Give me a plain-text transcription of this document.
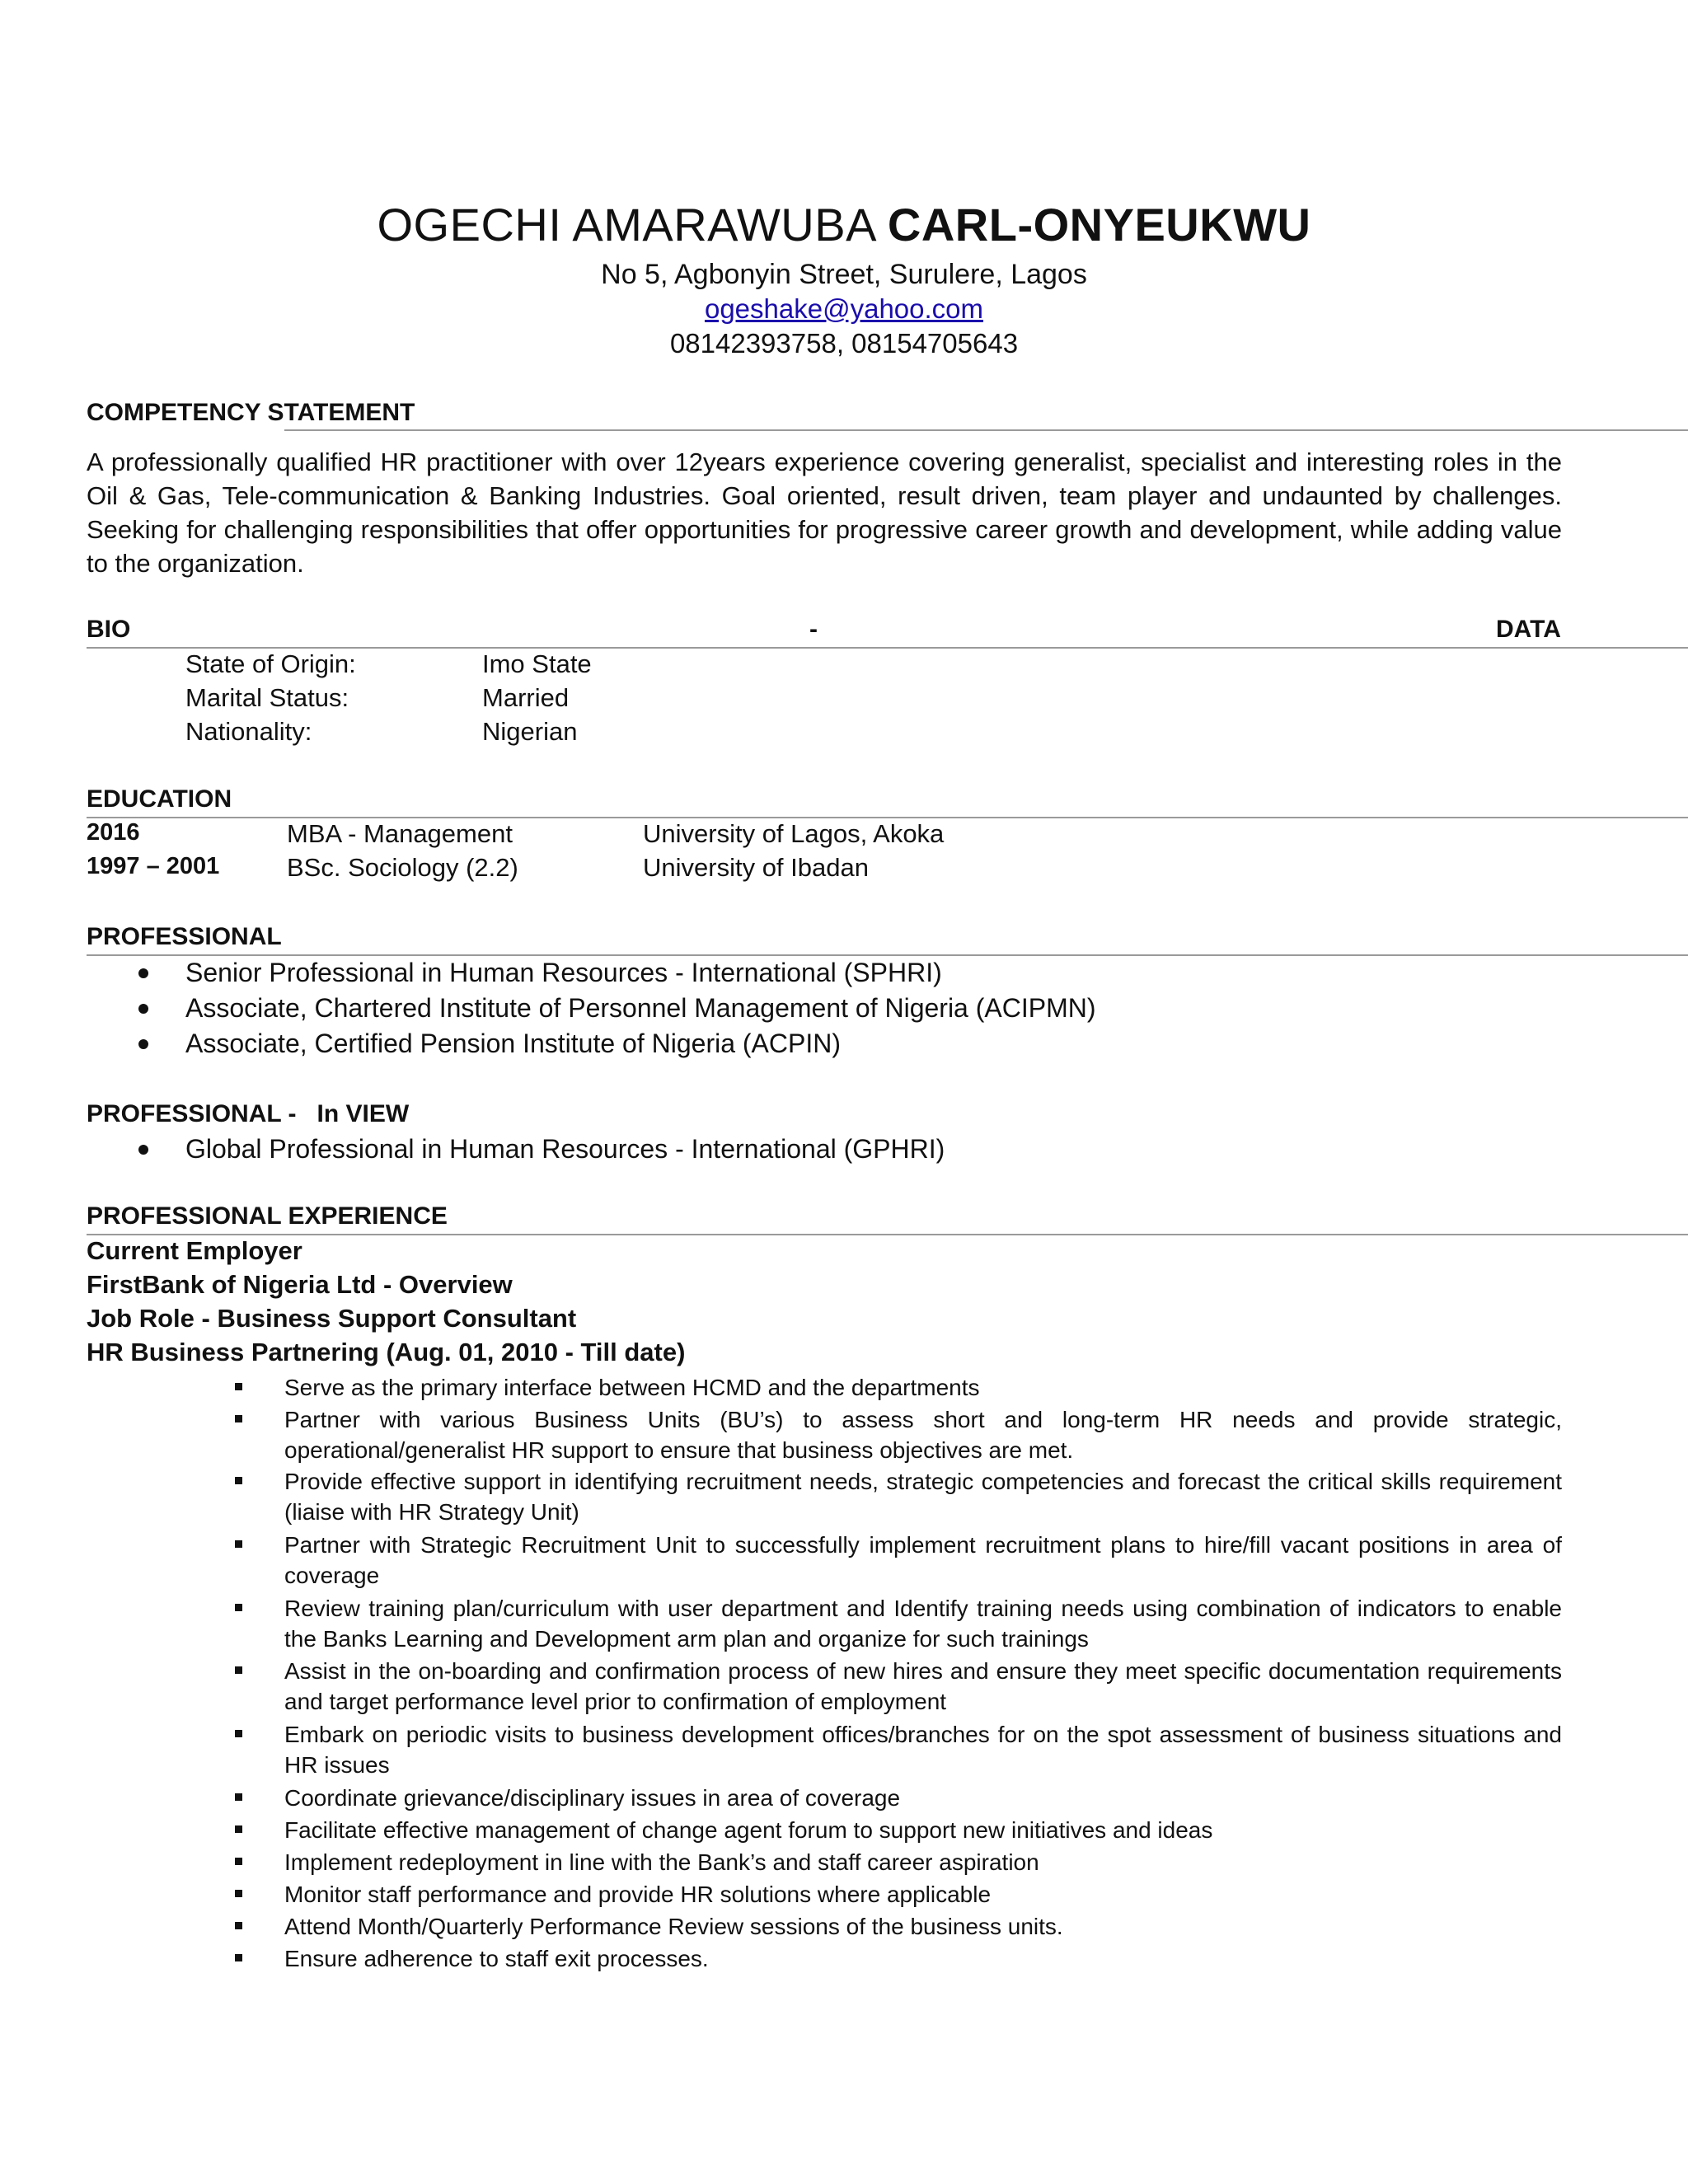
OGECHI AMARAWUBA CARL-ONYEUKWU
No 5, Agbonyin Street, Surulere, Lagos
ogeshake@yahoo.com
08142393758, 08154705643
COMPETENCY STATEMENT
A professionally qualified HR practitioner with over 12years experience covering generalist, specialist and interesting roles in the Oil & Gas, Tele-communication & Banking Industries. Goal oriented, result driven, team player and undaunted by challenges. Seeking for challenging responsibilities that offer opportunities for progressive career growth and development, while adding value to the organization.
BIO	-	DATA
State of Origin:	Imo State
Marital Status:	Married
Nationality:	Nigerian
EDUCATION
2016	MBA - Management	University of Lagos, Akoka
1997 – 2001	BSc. Sociology (2.2)	University of Ibadan
PROFESSIONAL
Senior Professional in Human Resources - International (SPHRI)
Associate, Chartered Institute of Personnel Management of Nigeria (ACIPMN)
Associate, Certified Pension Institute of Nigeria (ACPIN)
PROFESSIONAL -   In VIEW
Global Professional in Human Resources - International (GPHRI)
PROFESSIONAL EXPERIENCE
Current Employer
FirstBank of Nigeria Ltd - Overview
Job Role - Business Support Consultant
HR Business Partnering (Aug. 01, 2010 - Till date)
Serve as the primary interface between HCMD and the departments
Partner with various Business Units (BU’s) to assess short and long-term HR needs and provide strategic, operational/generalist HR support to ensure that business objectives are met.
Provide effective support in identifying recruitment needs, strategic competencies and forecast the critical skills requirement (liaise with HR Strategy Unit)
Partner with Strategic Recruitment Unit to successfully implement recruitment plans to hire/fill vacant positions in area of coverage
Review training plan/curriculum with user department and Identify training needs using combination of indicators to enable the Banks Learning and Development arm plan and organize for such trainings
Assist in the on-boarding and confirmation process of new hires and ensure they meet specific documentation requirements and target performance level prior to confirmation of employment
Embark on periodic visits to business development offices/branches for on the spot assessment of business situations and HR issues
Coordinate grievance/disciplinary issues in area of coverage
Facilitate effective management of change agent forum to support new initiatives and ideas
Implement redeployment in line with the Bank’s and staff career aspiration
Monitor staff performance and provide HR solutions where applicable
Attend Month/Quarterly Performance Review sessions of the business units.
Ensure adherence to staff exit processes.
